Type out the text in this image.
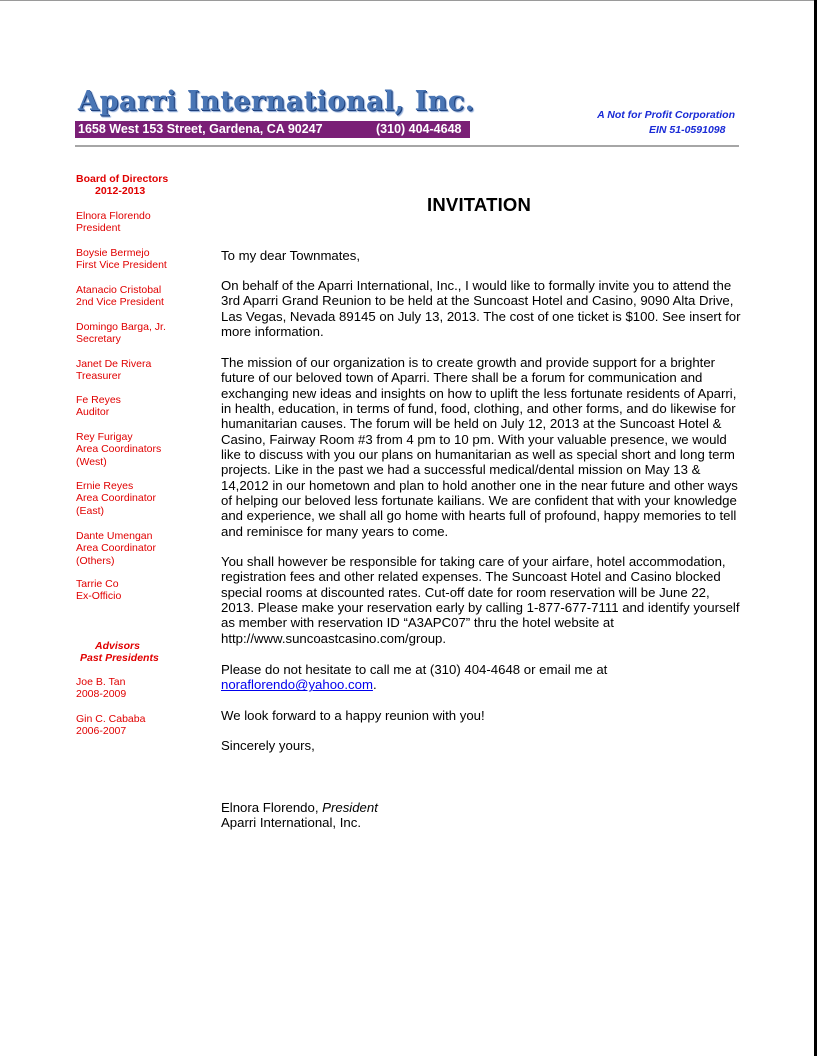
Aparri International, Inc.
1658 West 153 Street, Gardena, CA 90247	(310) 404-4648
A Not for Profit Corporation
EIN 51-0591098
Board of Directors
2012-2013
Elnora Florendo
President
Boysie Bermejo
First Vice President
Atanacio Cristobal
2nd Vice President
Domingo Barga, Jr.
Secretary
Janet De Rivera
Treasurer
Fe Reyes
Auditor
Rey Furigay
Area Coordinators
(West)
Ernie Reyes
Area Coordinator
(East)
Dante Umengan
Area Coordinator
(Others)
Tarrie Co
Ex-Officio
Advisors
Past Presidents
Joe B. Tan
2008-2009
Gin C. Cababa
2006-2007
INVITATION
To my dear Townmates,
On behalf of the Aparri International, Inc., I would like to formally invite you to attend the 3rd Aparri Grand Reunion to be held at the Suncoast Hotel and Casino, 9090 Alta Drive, Las Vegas, Nevada 89145 on July 13, 2013. The cost of one ticket is $100. See insert for more information.
The mission of our organization is to create growth and provide support for a brighter future of our beloved town of Aparri. There shall be a forum for communication and exchanging new ideas and insights on how to uplift the less fortunate residents of Aparri, in health, education, in terms of fund, food, clothing, and other forms, and do likewise for humanitarian causes. The forum will be held on July 12, 2013 at the Suncoast Hotel & Casino, Fairway Room #3 from 4 pm to 10 pm. With your valuable presence, we would like to discuss with you our plans on humanitarian as well as special short and long term projects. Like in the past we had a successful medical/dental mission on May 13 & 14,2012 in our hometown and plan to hold another one in the near future and other ways of helping our beloved less fortunate kailians. We are confident that with your knowledge and experience, we shall all go home with hearts full of profound, happy memories to tell and reminisce for many years to come.
You shall however be responsible for taking care of your airfare, hotel accommodation, registration fees and other related expenses. The Suncoast Hotel and Casino blocked special rooms at discounted rates. Cut-off date for room reservation will be June 22, 2013. Please make your reservation early by calling 1-877-677-7111 and identify yourself as member with reservation ID “A3APC07” thru the hotel website at http://www.suncoastcasino.com/group.
Please do not hesitate to call me at (310) 404-4648 or email me at
noraflorendo@yahoo.com.
We look forward to a happy reunion with you!
Sincerely yours,
Elnora Florendo, President
Aparri International, Inc.
